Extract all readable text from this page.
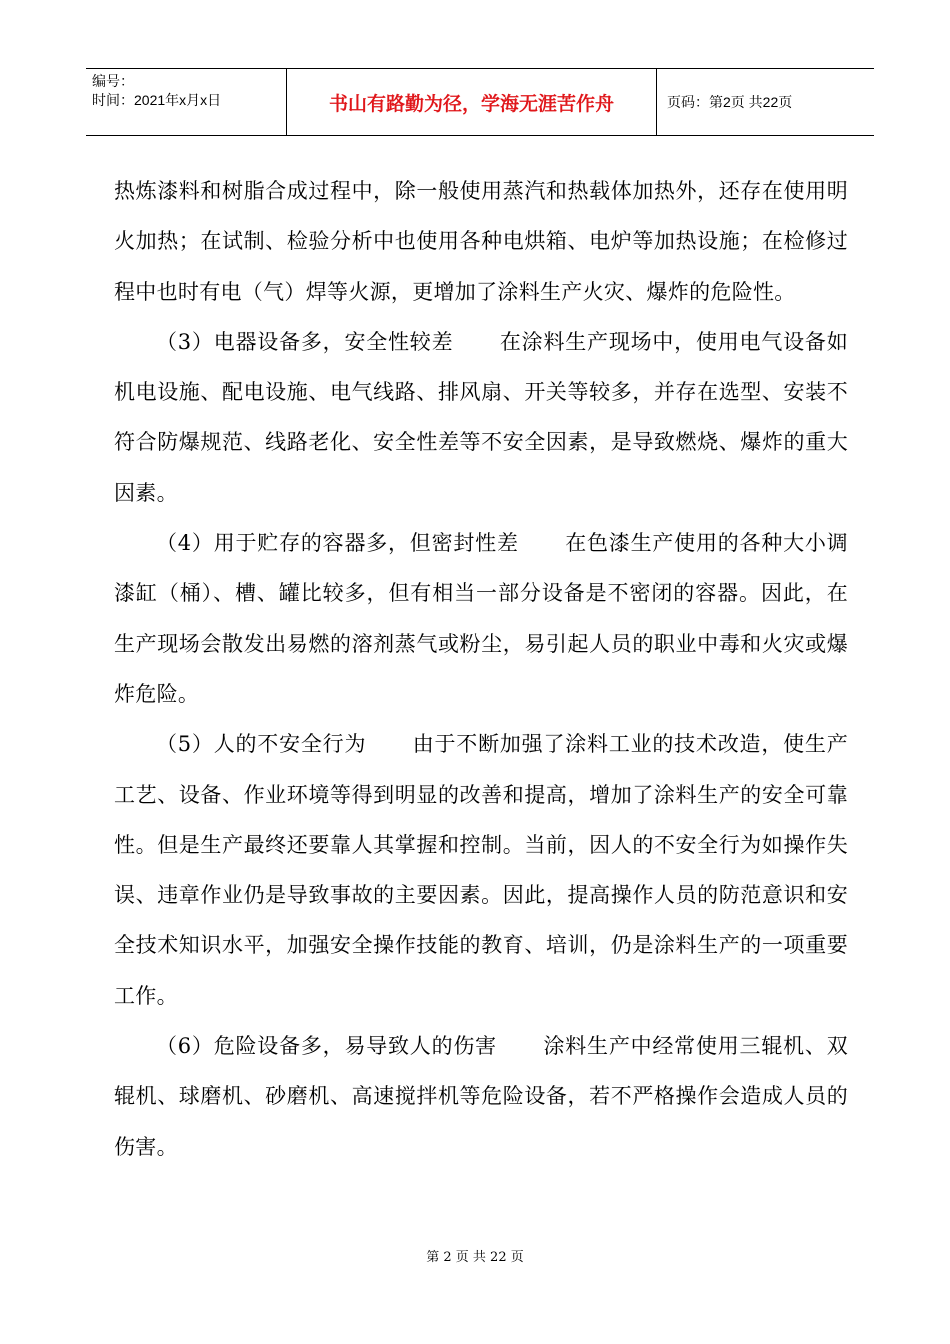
编号：
时间：2021年x月x日	书山有路勤为径，学海无涯苦作舟	页码：第2页 共22页

热炼漆料和树脂合成过程中，除一般使用蒸汽和热载体加热外，还存在使用明火加热；在试制、检验分析中也使用各种电烘箱、电炉等加热设施；在检修过程中也时有电（气）焊等火源，更增加了涂料生产火灾、爆炸的危险性。

（3）电器设备多，安全性较差 在涂料生产现场中，使用电气设备如机电设施、配电设施、电气线路、排风扇、开关等较多，并存在选型、安装不符合防爆规范、线路老化、安全性差等不安全因素，是导致燃烧、爆炸的重大因素。

（4）用于贮存的容器多，但密封性差 在色漆生产使用的各种大小调漆缸（桶）、槽、罐比较多，但有相当一部分设备是不密闭的容器。因此，在生产现场会散发出易燃的溶剂蒸气或粉尘，易引起人员的职业中毒和火灾或爆炸危险。

（5）人的不安全行为 由于不断加强了涂料工业的技术改造，使生产工艺、设备、作业环境等得到明显的改善和提高，增加了涂料生产的安全可靠性。但是生产最终还要靠人其掌握和控制。当前，因人的不安全行为如操作失误、违章作业仍是导致事故的主要因素。因此，提高操作人员的防范意识和安全技术知识水平，加强安全操作技能的教育、培训，仍是涂料生产的一项重要工作。

（6）危险设备多，易导致人的伤害 涂料生产中经常使用三辊机、双辊机、球磨机、砂磨机、高速搅拌机等危险设备，若不严格操作会造成人员的伤害。

第 2 页 共 22 页
